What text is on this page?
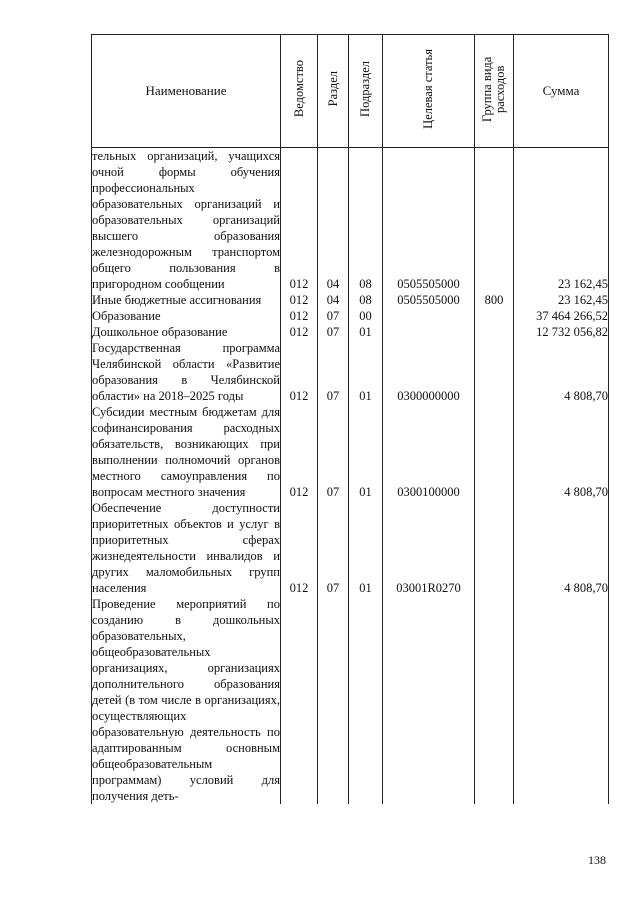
Наименование	Ведомство	Раздел	Подраздел	Целевая статья	Группа вида расходов	Сумма
тельных организаций, учащихся очной формы обучения профессиональных образовательных организаций и образовательных организаций высшего образования железнодорожным транспортом общего пользования в пригородном сообщении	012	04	08	0505505000		23 162,45
Иные бюджетные ассигнования	012	04	08	0505505000	800	23 162,45
Образование	012	07	00			37 464 266,52
Дошкольное образование	012	07	01			12 732 056,82
Государственная программа Челябинской области «Развитие образования в Челябинской области» на 2018–2025 годы	012	07	01	0300000000		4 808,70
Субсидии местным бюджетам для софинансирования расходных обязательств, возникающих при выполнении полномочий органов местного самоуправления по вопросам местного значения	012	07	01	0300100000		4 808,70
Обеспечение доступности приоритетных объектов и услуг в приоритетных сферах жизнедеятельности инвалидов и других маломобильных групп населения	012	07	01	03001R0270		4 808,70
Проведение мероприятий по созданию в дошкольных образовательных, общеобразовательных организациях, организациях дополнительного образования детей (в том числе в организациях, осуществляющих образовательную деятельность по адаптированным основным общеобразовательным программам) условий для получения деть-						
138
